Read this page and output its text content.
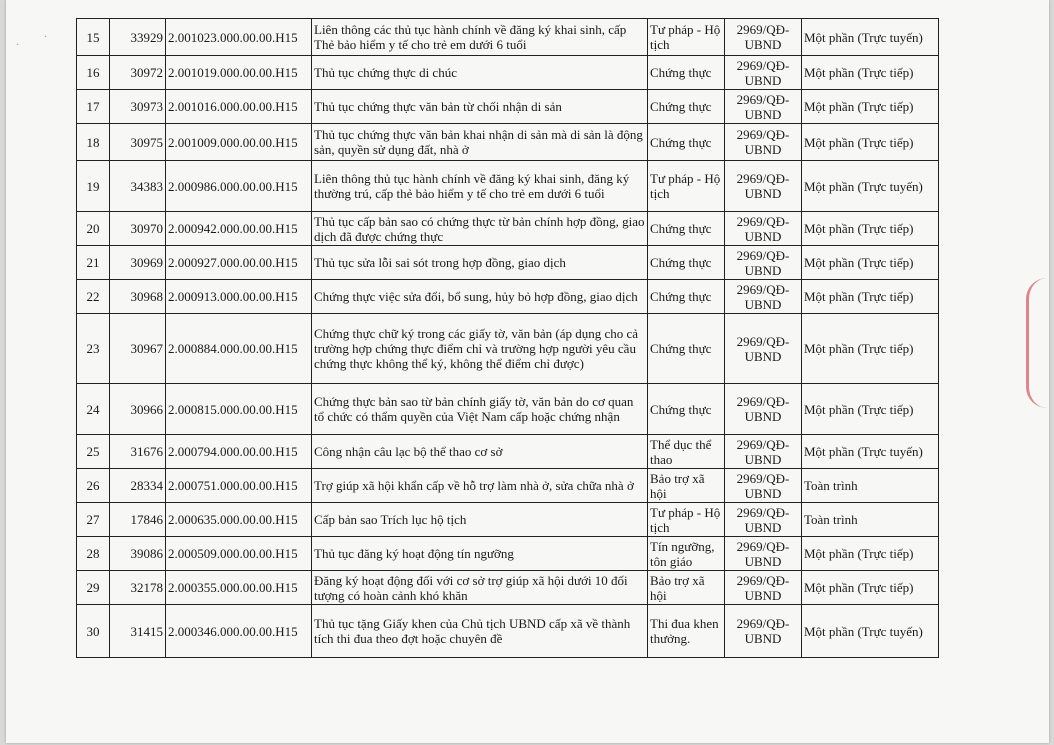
·
·	15	33929	2.001023.000.00.00.H15	Liên thông các thủ tục hành chính về đăng ký khai sinh, cấp Thẻ bảo hiểm y tế cho trẻ em dưới 6 tuổi	Tư pháp - Hộ tịch	2969/QĐ-UBND	Một phần (Trực tuyến)
16	30972	2.001019.000.00.00.H15	Thủ tục chứng thực di chúc	Chứng thực	2969/QĐ-UBND	Một phần (Trực tiếp)
17	30973	2.001016.000.00.00.H15	Thủ tục chứng thực văn bản từ chối nhận di sản	Chứng thực	2969/QĐ-UBND	Một phần (Trực tiếp)
18	30975	2.001009.000.00.00.H15	Thủ tục chứng thực văn bản khai nhận di sản mà di sản là động sản, quyền sử dụng đất, nhà ở	Chứng thực	2969/QĐ-UBND	Một phần (Trực tiếp)
19	34383	2.000986.000.00.00.H15	Liên thông thủ tục hành chính về đăng ký khai sinh, đăng ký thường trú, cấp thẻ bảo hiểm y tế cho trẻ em dưới 6 tuổi	Tư pháp - Hộ tịch	2969/QĐ-UBND	Một phần (Trực tuyến)
20	30970	2.000942.000.00.00.H15	Thủ tục cấp bản sao có chứng thực từ bản chính hợp đồng, giao dịch đã được chứng thực	Chứng thực	2969/QĐ-UBND	Một phần (Trực tiếp)
21	30969	2.000927.000.00.00.H15	Thủ tục sửa lỗi sai sót trong hợp đồng, giao dịch	Chứng thực	2969/QĐ-UBND	Một phần (Trực tiếp)
22	30968	2.000913.000.00.00.H15	Chứng thực việc sửa đổi, bổ sung, hủy bỏ hợp đồng, giao dịch	Chứng thực	2969/QĐ-UBND	Một phần (Trực tiếp)
23	30967	2.000884.000.00.00.H15	Chứng thực chữ ký trong các giấy tờ, văn bản (áp dụng cho cả trường hợp chứng thực điểm chỉ và trường hợp người yêu cầu chứng thực không thể ký, không thể điểm chỉ được)	Chứng thực	2969/QĐ-UBND	Một phần (Trực tiếp)
24	30966	2.000815.000.00.00.H15	Chứng thực bản sao từ bản chính giấy tờ, văn bản do cơ quan tổ chức có thẩm quyền của Việt Nam cấp hoặc chứng nhận	Chứng thực	2969/QĐ-UBND	Một phần (Trực tiếp)
25	31676	2.000794.000.00.00.H15	Công nhận câu lạc bộ thể thao cơ sở	Thể dục thể thao	2969/QĐ-UBND	Một phần (Trực tuyến)
26	28334	2.000751.000.00.00.H15	Trợ giúp xã hội khẩn cấp về hỗ trợ làm nhà ở, sửa chữa nhà ở	Bảo trợ xã hội	2969/QĐ-UBND	Toàn trình
27	17846	2.000635.000.00.00.H15	Cấp bản sao Trích lục hộ tịch	Tư pháp - Hộ tịch	2969/QĐ-UBND	Toàn trình
28	39086	2.000509.000.00.00.H15	Thủ tục đăng ký hoạt động tín ngưỡng	Tín ngưỡng, tôn giáo	2969/QĐ-UBND	Một phần (Trực tiếp)
29	32178	2.000355.000.00.00.H15	Đăng ký hoạt động đối với cơ sở trợ giúp xã hội dưới 10 đối tượng có hoàn cảnh khó khăn	Bảo trợ xã hội	2969/QĐ-UBND	Một phần (Trực tiếp)
30	31415	2.000346.000.00.00.H15	Thủ tục tặng Giấy khen của Chủ tịch UBND cấp xã về thành tích thi đua theo đợt hoặc chuyên đề	Thi đua khen thưởng.	2969/QĐ-UBND	Một phần (Trực tuyến)
